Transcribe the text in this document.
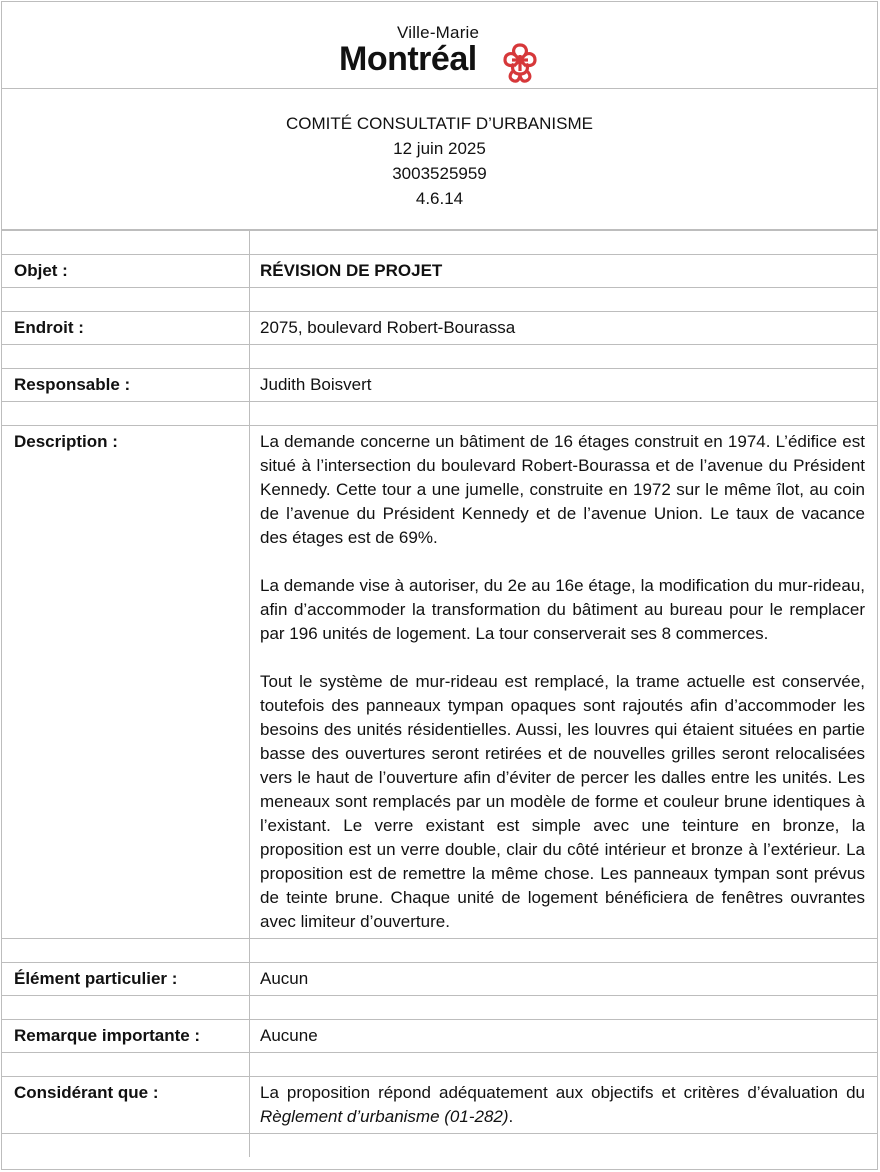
Ville-Marie
Montréal
COMITÉ CONSULTATIF D’URBANISME
12 juin 2025
3003525959
4.6.14

Objet :	RÉVISION DE PROJET

Endroit :	2075, boulevard Robert-Bourassa

Responsable :	Judith Boisvert

Description :	La demande concerne un bâtiment de 16 étages construit en 1974. L’édifice est situé à l’intersection du boulevard Robert-Bourassa et de l’avenue du Président Kennedy. Cette tour a une jumelle, construite en 1972 sur le même îlot, au coin de l’avenue du Président Kennedy et de l’avenue Union. Le taux de vacance des étages est de 69%.

La demande vise à autoriser, du 2e au 16e étage, la modification du mur-rideau, afin d’accommoder la transformation du bâtiment au bureau pour le remplacer par 196 unités de logement. La tour conserverait ses 8 commerces.

Tout le système de mur-rideau est remplacé, la trame actuelle est conservée, toutefois des panneaux tympan opaques sont rajoutés afin d’accommoder les besoins des unités résidentielles. Aussi, les louvres qui étaient situées en partie basse des ouvertures seront retirées et de nouvelles grilles seront relocalisées vers le haut de l’ouverture afin d’éviter de percer les dalles entre les unités. Les meneaux sont remplacés par un modèle de forme et couleur brune identiques à l’existant. Le verre existant est simple avec une teinture en bronze, la proposition est un verre double, clair du côté intérieur et bronze à l’extérieur. La proposition est de remettre la même chose. Les panneaux tympan sont prévus de teinte brune. Chaque unité de logement bénéficiera de fenêtres ouvrantes avec limiteur d’ouverture.

Élément particulier :	Aucun

Remarque importante :	Aucune

Considérant que :	La proposition répond adéquatement aux objectifs et critères d’évaluation du Règlement d’urbanisme (01-282).
